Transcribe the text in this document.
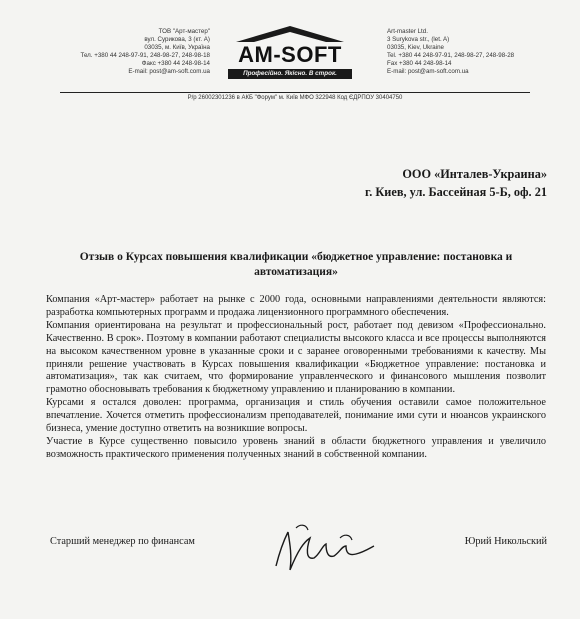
ТОВ "Арт-мастер"
вул. Сурикова, 3 (кт. А)
03035, м. Київ, Україна
Тел. +380 44 248-97-91, 248-98-27, 248-98-18
Факс +380 44 248-98-14
E-mail: post@am-soft.com.ua
AM-SOFT
Професійно. Якісно. В строк.
Art-master Ltd.
3 Surykova str., (let. A)
03035, Kiev, Ukraine
Tel. +380 44 248-97-91, 248-98-27, 248-98-28
Fax +380 44 248-98-14
E-mail: post@am-soft.com.ua
Р/р 26002301236 в АКБ "Форум" м. Київ МФО 322948 Код ЄДРПОУ 30404750
ООО «Инталев-Украина»
г. Киев, ул. Бассейная 5-Б, оф. 21
Отзыв о Курсах повышения квалификации «бюджетное управление: постановка и автоматизация»

Компания «Арт-мастер» работает на рынке с 2000 года, основными направлениями деятельности являются: разработка компьютерных программ и продажа лицензионного программного обеспечения.

Компания ориентирована на результат и профессиональный рост, работает под девизом «Профессионально. Качественно. В срок». Поэтому в компании работают специалисты высокого класса и все процессы выполняются на высоком качественном уровне в указанные сроки и с заранее оговоренными требованиями к качеству. Мы приняли решение участвовать в Курсах повышения квалификации «Бюджетное управление: постановка и автоматизация», так как считаем, что формирование управленческого и финансового мышления позволит грамотно обосновывать требования к бюджетному управлению и планированию в компании.

Курсами я остался доволен: программа, организация и стиль обучения оставили самое положительное впечатление. Хочется отметить профессионализм преподавателей, понимание ими сути и нюансов украинского бизнеса, умение доступно ответить на возникшие вопросы.

Участие в Курсе существенно повысило уровень знаний в области бюджетного управления и увеличило возможность практического применения полученных знаний в собственной компании.

Старший менеджер по финансам	Юрий Никольский
